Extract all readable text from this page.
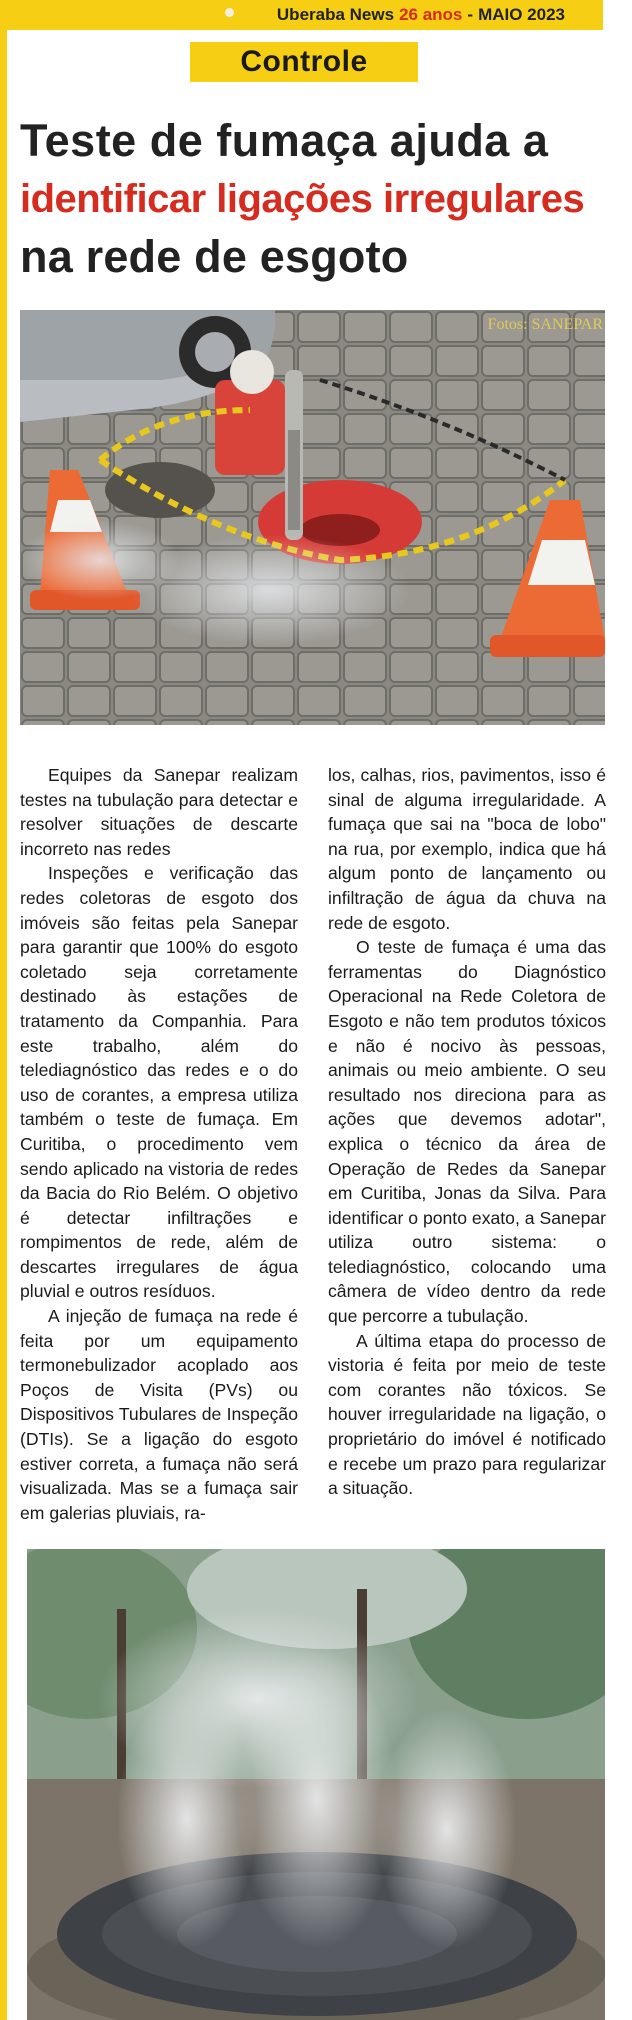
Uberaba News 26 anos - MAIO 2023
Controle
Teste de fumaça ajuda a
identificar ligações irregulares
na rede de esgoto
Fotos: SANEPAR

Equipes da Sanepar realizam testes na tubulação para detectar e resolver situações de descarte incorreto nas redes

Inspeções e verificação das redes coletoras de esgoto dos imóveis são feitas pela Sanepar para garantir que 100% do esgoto coletado seja corretamente destinado às estações de tratamento da Companhia. Para este trabalho, além do telediagnóstico das redes e o do uso de corantes, a empresa utiliza também o teste de fumaça. Em Curitiba, o procedimento vem sendo aplicado na vistoria de redes da Bacia do Rio Belém. O objetivo é detectar infiltrações e rompimentos de rede, além de descartes irregulares de água pluvial e outros resíduos.

A injeção de fumaça na rede é feita por um equipamento termonebulizador acoplado aos Poços de Visita (PVs) ou Dispositivos Tubulares de Inspeção (DTIs). Se a ligação do esgoto estiver correta, a fumaça não será visualizada. Mas se a fumaça sair em galerias pluviais, ra-

los, calhas, rios, pavimentos, isso é sinal de alguma irregularidade. A fumaça que sai na "boca de lobo" na rua, por exemplo, indica que há algum ponto de lançamento ou infiltração de água da chuva na rede de esgoto.

O teste de fumaça é uma das ferramentas do Diagnóstico Operacional na Rede Coletora de Esgoto e não tem produtos tóxicos e não é nocivo às pessoas, animais ou meio ambiente. O seu resultado nos direciona para as ações que devemos adotar", explica o técnico da área de Operação de Redes da Sanepar em Curitiba, Jonas da Silva. Para identificar o ponto exato, a Sanepar utiliza outro sistema: o telediagnóstico, colocando uma câmera de vídeo dentro da rede que percorre a tubulação.

A última etapa do processo de vistoria é feita por meio de teste com corantes não tóxicos. Se houver irregularidade na ligação, o proprietário do imóvel é notificado e recebe um prazo para regularizar a situação.
